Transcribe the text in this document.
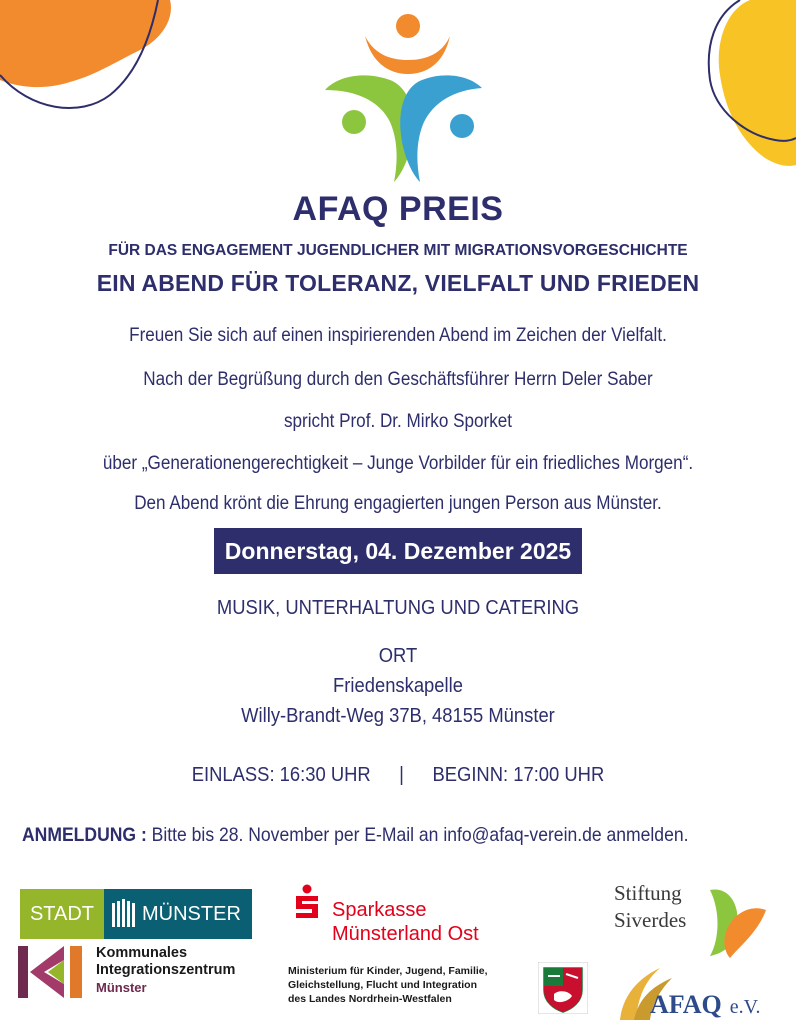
AFAQ PREIS
FÜR DAS ENGAGEMENT JUGENDLICHER MIT MIGRATIONSVORGESCHICHTE
EIN ABEND FÜR TOLERANZ, VIELFALT UND FRIEDEN
Freuen Sie sich auf einen inspirierenden Abend im Zeichen der Vielfalt.
Nach der Begrüßung durch den Geschäftsführer Herrn Deler Saber
spricht Prof. Dr. Mirko Sporket
über „Generationengerechtigkeit – Junge Vorbilder für ein friedliches Morgen“.
Den Abend krönt die Ehrung engagierten jungen Person aus Münster.
Donnerstag, 04. Dezember 2025
MUSIK, UNTERHALTUNG UND CATERING
ORT
Friedenskapelle
Willy-Brandt-Weg 37B, 48155 Münster
EINLASS: 16:30 UHR | BEGINN: 17:00 UHR
ANMELDUNG : Bitte bis 28. November per E-Mail an info@afaq-verein.de anmelden.
STADT	MÜNSTER
Kommunales
Integrationszentrum
Münster
Sparkasse
Münsterland Ost
Ministerium für Kinder, Jugend, Familie,
Gleichstellung, Flucht und Integration
des Landes Nordrhein-Westfalen
Stiftung
Siverdes
AFAQ e.V.
